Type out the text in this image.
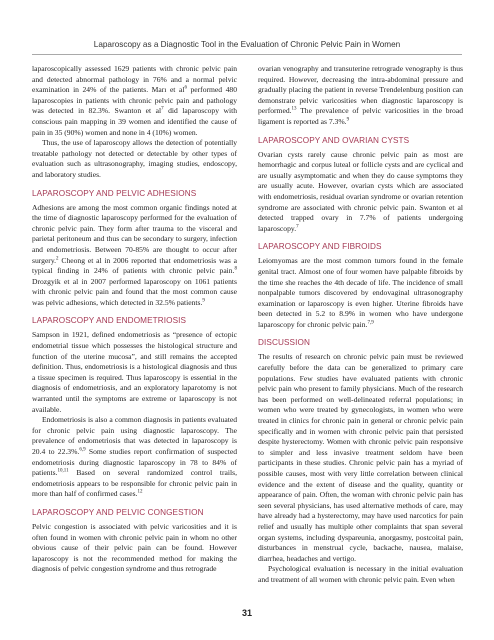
Laparoscopy as a Diagnostic Tool in the Evaluation of Chronic Pelvic Pain in Women

laparoscopically assessed 1629 patients with chronic pelvic pain and detected abnormal pathology in 76% and a normal pelvic examination in 24% of the patients. Marı et $al^6$ performed 480 laparoscopies in patients with chronic pelvic pain and pathology was detected in 82.3%. Swanton et $al^7$ did laparoscopy with conscious pain mapping in 39 women and identified the cause of pain in 35 (90%) women and none in 4 (10%) women.

Thus, the use of laparoscopy allows the detection of potentially treatable pathology not detected or detectable by other types of evaluation such as ultrasonography, imaging studies, endoscopy, and laboratory studies.

LAPAROSCOPY AND PELVIC ADHESIONS

Adhesions are among the most common organic findings noted at the time of diagnostic laparoscopy performed for the evaluation of chronic pelvic pain. They form after trauma to the visceral and parietal peritoneum and thus can be secondary to surgery, infection and endometriosis. Between 70-85% are thought to occur after surgery.$^2$ Cheong et al in 2006 reported that endometriosis was a typical finding in 24% of patients with chronic pelvic pain.$^8$ Drozgyik et al in 2007 performed laparoscopy on 1061 patients with chronic pelvic pain and found that the most common cause was pelvic adhesions, which detected in 32.5% patients.$^9$

LAPAROSCOPY AND ENDOMETRIOSIS

Sampson in 1921, defined endometriosis as “presence of ectopic endometrial tissue which possesses the histological structure and function of the uterine mucosa”, and still remains the accepted definition. Thus, endometriosis is a histological diagnosis and thus a tissue specimen is required. Thus laparoscopy is essential in the diagnosis of endometriosis, and an exploratory laparotomy is not warranted until the symptoms are extreme or laparoscopy is not available.

Endometriosis is also a common diagnosis in patients evaluated for chronic pelvic pain using diagnostic laparoscopy. The prevalence of endometriosis that was detected in laparoscopy is 20.4 to 22.3%.$^{6,9}$ Some studies report confirmation of suspected endometriosis during diagnostic laparoscopy in 78 to 84% of patients.$^{10,11}$ Based on several randomized control trails, endometriosis appears to be responsible for chronic pelvic pain in more than half of confirmed cases.$^{12}$

LAPAROSCOPY AND PELVIC CONGESTION

Pelvic congestion is associated with pelvic varicosities and it is often found in women with chronic pelvic pain in whom no other obvious cause of their pelvic pain can be found. However laparoscopy is not the recommended method for making the diagnosis of pelvic congestion syndrome and thus retrograde

ovarian venography and transuterine retrograde venography is thus required. However, decreasing the intra-abdominal pressure and gradually placing the patient in reverse Trendelenburg position can demonstrate pelvic varicosities when diagnostic laparoscopy is performed.$^{13}$ The prevalence of pelvic varicosities in the broad ligament is reported as 7.3%.$^9$

LAPAROSCOPY AND OVARIAN CYSTS

Ovarian cysts rarely cause chronic pelvic pain as most are hemorrhagic and corpus luteal or follicle cysts and are cyclical and are usually asymptomatic and when they do cause symptoms they are usually acute. However, ovarian cysts which are associated with endometriosis, residual ovarian syndrome or ovarian retention syndrome are associated with chronic pelvic pain. Swanton et al detected trapped ovary in 7.7% of patients undergoing laparoscopy.$^7$

LAPAROSCOPY AND FIBROIDS

Leiomyomas are the most common tumors found in the female genital tract. Almost one of four women have palpable fibroids by the time she reaches the 4th decade of life. The incidence of small nonpalpable tumors discovered by endovaginal ultrasonography examination or laparoscopy is even higher. Uterine fibroids have been detected in 5.2 to 8.9% in women who have undergone laparoscopy for chronic pelvic pain.$^{7,9}$

DISCUSSION

The results of research on chronic pelvic pain must be reviewed carefully before the data can be generalized to primary care populations. Few studies have evaluated patients with chronic pelvic pain who present to family physicians. Much of the research has been performed on well-delineated referral populations; in women who were treated by gynecologists, in women who were treated in clinics for chronic pain in general or chronic pelvic pain specifically and in women with chronic pelvic pain that persisted despite hysterectomy. Women with chronic pelvic pain responsive to simpler and less invasive treatment seldom have been participants in these studies. Chronic pelvic pain has a myriad of possible causes, most with very little correlation between clinical evidence and the extent of disease and the quality, quantity or appearance of pain. Often, the woman with chronic pelvic pain has seen several physicians, has used alternative methods of care, may have already had a hysterectomy, may have used narcotics for pain relief and usually has multiple other complaints that span several organ systems, including dyspareunia, anorgasmy, postcoital pain, disturbances in menstrual cycle, backache, nausea, malaise, diarrhea, headaches and vertigo.

Psychological evaluation is necessary in the initial evaluation and treatment of all women with chronic pelvic pain. Even when

31
